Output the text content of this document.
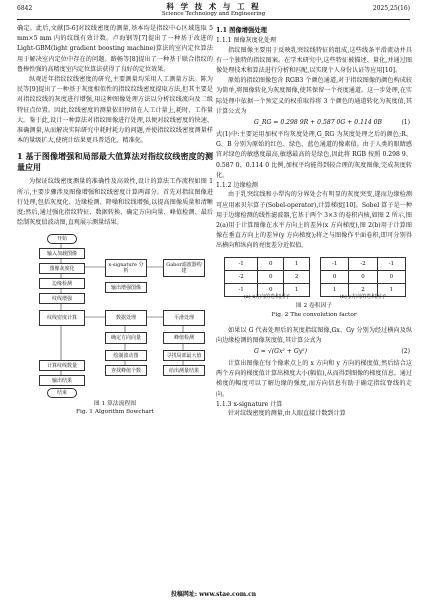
6842	科 学 技 术 与 工 程
Science Technology and Engineering
2025,25(16)

确定。此后,文献[5-6]对纹线密度的测量,基本均是指纹中心区域选取 5 mm×5 mm 内的纹线有效计数。卢海钢等[7]提出了一种基于改进的 Light-GBM(light gradient boosting machine)算法的室内定位算法用于解决室内定位中存在的问题。路畅等[8]提出了一种基于联合指纹的鲁棒性强的高精度室内定位算法获得了良好的定位效果。

纵观近年指纹纹线密度的研究,主要测量均采用人工测量方法。陈为民等[9]提出了一种基于灰度相似性的指纹纹线密度提取方法,但其主要是对指纹纹线的灰度进行增强,用这种图像处理方法以分析纹线流向及二级特征点位置。因此,纹线密度的测量依旧停留在人工计量上,耗时、工作量大。鉴于此,设计一种算法对指纹图像进行处理,以便对纹线密度的快速、准确测量,从而解决实际研究中耗时耗力的问题,并使指纹纹线密度测量样本的量级扩大,使统计结果更具普适化、精准化。

1 基于图像增强和局部最大值算法对指纹纹线密度的测量应用

为保证纹线密度测量的准确性及高效性,设计的算法工作流程如图 1 所示,主要步骤涉及图像增强和纹线密度计算两部分。首先对指纹图像进行处理,包括灰度化、边缘检测、降噪和纹线增强,以提高图像质量和清晰度;然后,通过强化指纹特征、数据转换、确定方向向量、峰值检测、最后绘制灰度值波动图,直观展示测量结果。

开始
输入加载图像
图像灰度化
x-signature 分析
Gabor滤波器构建
边缘检测
纹线增强
输出增强图像
纹线密度计算	数据处理	平滑处理
确定方向向量	峰值检测
绘制波动图	寻找局部最大值
计算纹线数量
查找峰值个数	给出测量结果
输出结果
结束
图 1 算法流程图
Fig. 1 Algorithm flowchart
1.1 图像增强处理
1.1.1 图像灰度化处理

指纹图像主要用于反映乳突纹线特征的组成,这些线条平滑流动并具有一个独特的指纹图案。在学术研究中,这些特征被描述、量化,并通过图像处理技术和算法进行分析和匹配,以实现个人身份认证等应用[10]。

原始的指纹图像包含 RGB3 个颜色通道,对于指纹图像的颜色构成较为简单,将图像转化为灰度图像,使其保留一个亮度通道。这一步处理,在实际处理中依据一个预定义的权重取得将 3 个颜色的通道转化为灰度值,其计算公式为

G_RG = 0.298 9R + 0.587 0G + 0.114 0B	(1)

式(1)中:主要运用加权平均灰度处理,G_RG 为灰度处理之后的颜色;R、G、B 分别为原始的红色、绿色、蓝色通道的像素值。由于人类的眼睛感官对绿色的敏感度最高,敏感最高的是绿色,因此将 RGB 按照 0.298 9、0.587 0、0.114 0 比例,加权平均能得到较合理的灰度图像,完成灰度转化。

1.1.2 边缘检测

由于乳突纹线和小犁沟的分界处会有明显的灰度突变,遂而边缘检测可应用索贝尔算子(Sobel-operator),计算梯度[10]。Sobel 算子是一种用于边缘检测的线性滤波器,它基于两个 3×3 的卷积内核,如图 2 所示,图 2(a)用于计算图像在水平方向上的差异(x 方向梯度),图 2(b)用于计算图像在垂直方向上的差异(y 方向梯度);将之与图像作平面卷积,即可分别得出横向和纵向的亮度差分近似值。

-1	0	1
-2	0	2
-1	0	1
-1	-2	-1
0	0	0
1	2	1
(a) x方向的卷积因子	(b) y方向的卷积因子
图 2 卷积因子
Fig. 2 The convolution factor

如果以 G 代表处理后的灰度指纹图像,Gx、Gy 分别为经过横向及纵向边缘检测的图像灰度值,其计算公式为

G = √(Gx² + Gy²)	(2)

计算出图像在每个像素点上的 x 方向和 y 方向的梯度值,然后结合这两个方向的梯度值计算出梯度大小(幅值),从而得到图像的梯度信息。通过梯度的幅度可以了解边缘的强度,而方向信息有助于确定指纹脊线的走向。

1.1.3 x-signature 计算

针对纹线密度的测量,由人眼直接计数到计算

投稿网址: www.stae.com.cn
